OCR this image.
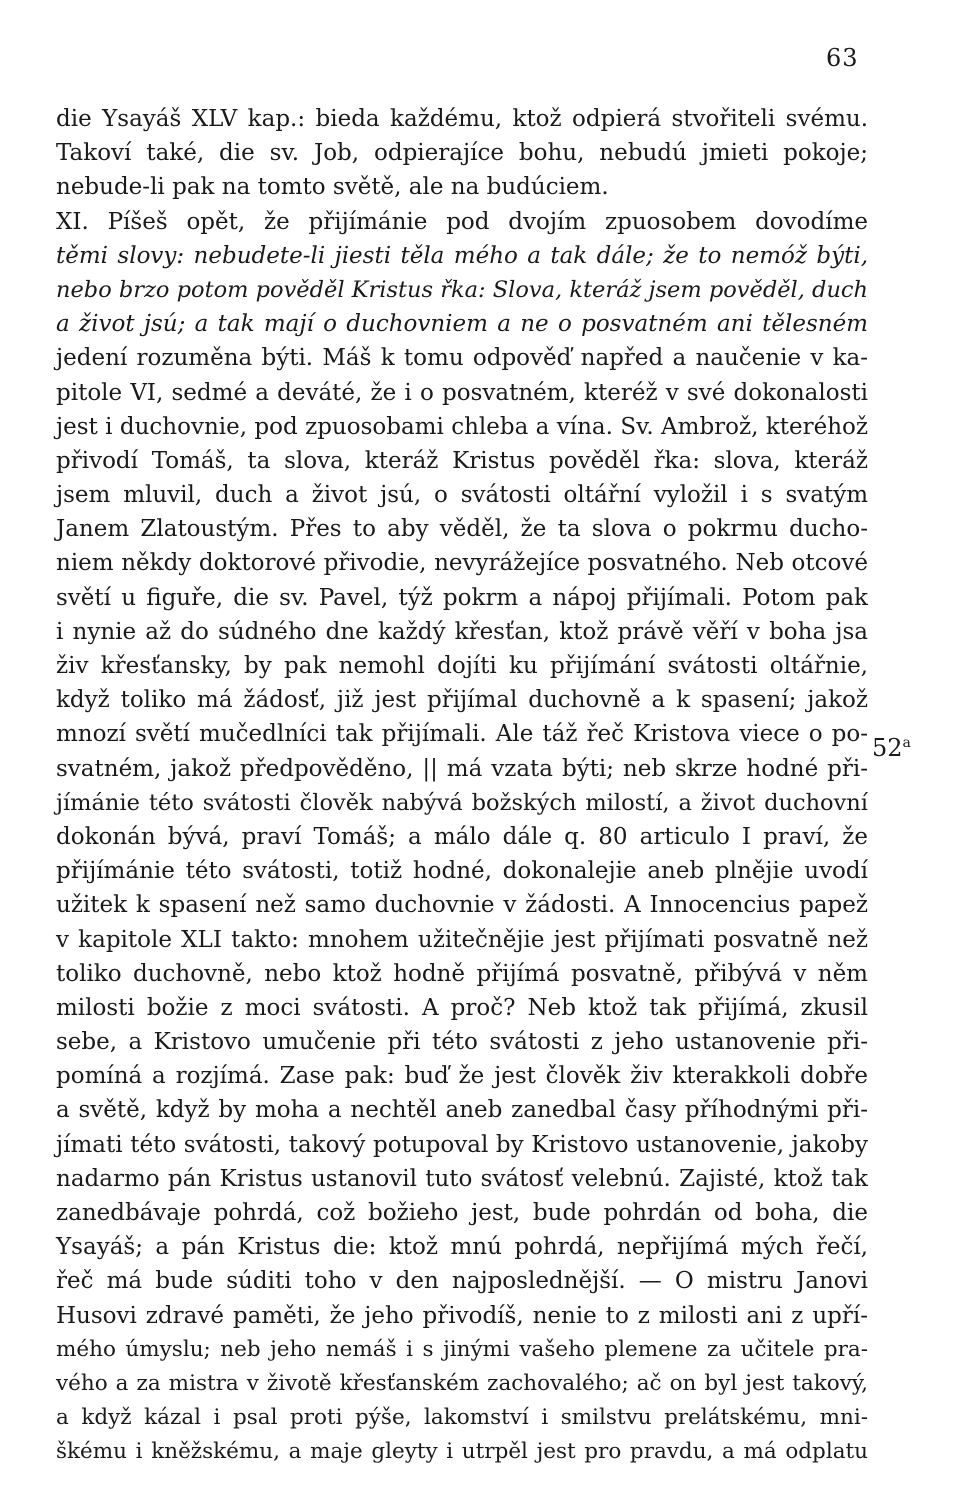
63
52$^a$
die Ysayáš XLV kap.: bieda každému, ktož odpierá stvořiteli svému.
Takoví také, die sv. Job, odpierajíce bohu, nebudú jmieti pokoje;
nebude-li pak na tomto světě, ale na budúciem.
XI. Píšeš opět, že přijímánie pod dvojím zpuosobem dovodíme
těmi slovy: nebudete-li jiesti těla mého a tak dále; že to nemóž býti,
nebo brzo potom pověděl Kristus řka: Slova, kteráž jsem pověděl, duch
a život jsú; a tak mají o duchovniem a ne o posvatném ani tělesném
jedení rozuměna býti. Máš k tomu odpověď napřed a naučenie v ka-
pitole VI, sedmé a deváté, že i o posvatném, kteréž v své dokonalosti
jest i duchovnie, pod zpuosobami chleba a vína. Sv. Ambrož, kteréhož
přivodí Tomáš, ta slova, kteráž Kristus pověděl řka: slova, kteráž
jsem mluvil, duch a život jsú, o svátosti oltářní vyložil i s svatým
Janem Zlatoustým. Přes to aby věděl, že ta slova o pokrmu ducho-
niem někdy doktorové přivodie, nevyrážejíce posvatného. Neb otcové
světí u figuře, die sv. Pavel, týž pokrm a nápoj přijímali. Potom pak
i nynie až do súdného dne každý křesťan, ktož právě věří v boha jsa
živ křesťansky, by pak nemohl dojíti ku přijímání svátosti oltářnie,
když toliko má žádosť, již jest přijímal duchovně a k spasení; jakož
mnozí světí mučedlníci tak přijímali. Ale táž řeč Kristova viece o po-
svatném, jakož předpověděno, || má vzata býti; neb skrze hodné při-
jímánie této svátosti člověk nabývá božských milostí, a život duchovní
dokonán bývá, praví Tomáš; a málo dále q. 80 articulo I praví, že
přijímánie této svátosti, totiž hodné, dokonalejie aneb plnějie uvodí
užitek k spasení než samo duchovnie v žádosti. A Innocencius papež
v kapitole XLI takto: mnohem užitečnějie jest přijímati posvatně než
toliko duchovně, nebo ktož hodně přijímá posvatně, přibývá v něm
milosti božie z moci svátosti. A proč? Neb ktož tak přijímá, zkusil
sebe, a Kristovo umučenie při této svátosti z jeho ustanovenie při-
pomíná a rozjímá. Zase pak: buď že jest člověk živ kterakkoli dobře
a světě, když by moha a nechtěl aneb zanedbal časy příhodnými při-
jímati této svátosti, takový potupoval by Kristovo ustanovenie, jakoby
nadarmo pán Kristus ustanovil tuto svátosť velebnú. Zajisté, ktož tak
zanedbávaje pohrdá, což božieho jest, bude pohrdán od boha, die
Ysayáš; a pán Kristus die: ktož mnú pohrdá, nepřijímá mých řečí,
řeč má bude súditi toho v den najposlednější. — O mistru Janovi
Husovi zdravé paměti, že jeho přivodíš, nenie to z milosti ani z upří-
mého úmyslu; neb jeho nemáš i s jinými vašeho plemene za učitele pra-
vého a za mistra v životě křesťanském zachovalého; ač on byl jest takový,
a když kázal i psal proti pýše, lakomství i smilstvu prelátskému, mni-
škému i kněžskému, a maje gleyty i utrpěl jest pro pravdu, a má odplatu
